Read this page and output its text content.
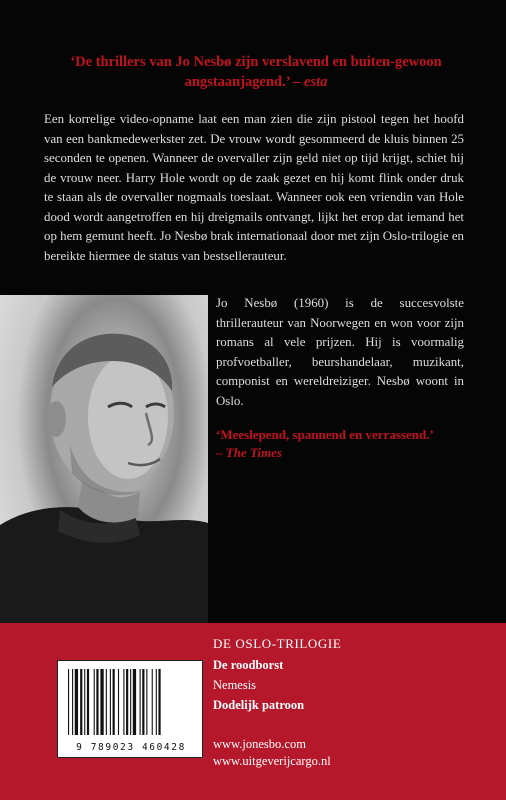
‘De thrillers van Jo Nesbø zijn verslavend en buiten-gewoon angstaanjagend.’ – esta
Een korrelige video-opname laat een man zien die zijn pistool tegen het hoofd van een bankmedewerkster zet. De vrouw wordt gesommeerd de kluis binnen 25 seconden te openen. Wanneer de overvaller zijn geld niet op tijd krijgt, schiet hij de vrouw neer. Harry Hole wordt op de zaak gezet en hij komt flink onder druk te staan als de overvaller nogmaals toeslaat. Wanneer ook een vriendin van Hole dood wordt aangetroffen en hij dreigmails ontvangt, lijkt het erop dat iemand het op hem gemunt heeft. Jo Nesbø brak internationaal door met zijn Oslo-trilogie en bereikte hiermee de status van bestsellerauteur.
Jo Nesbø (1960) is de succesvolste thrillerauteur van Noorwegen en won voor zijn romans al vele prijzen. Hij is voormalig profvoetballer, beurshandelaar, muzikant, componist en wereldreiziger. Nesbø woont in Oslo.
‘Meeslepend, spannend en verrassend.’
– The Times
9 789023 460428
DE OSLO-TRILOGIE
De roodborst
Nemesis
Dodelijk patroon
www.jonesbo.com
www.uitgeverijcargo.nl
